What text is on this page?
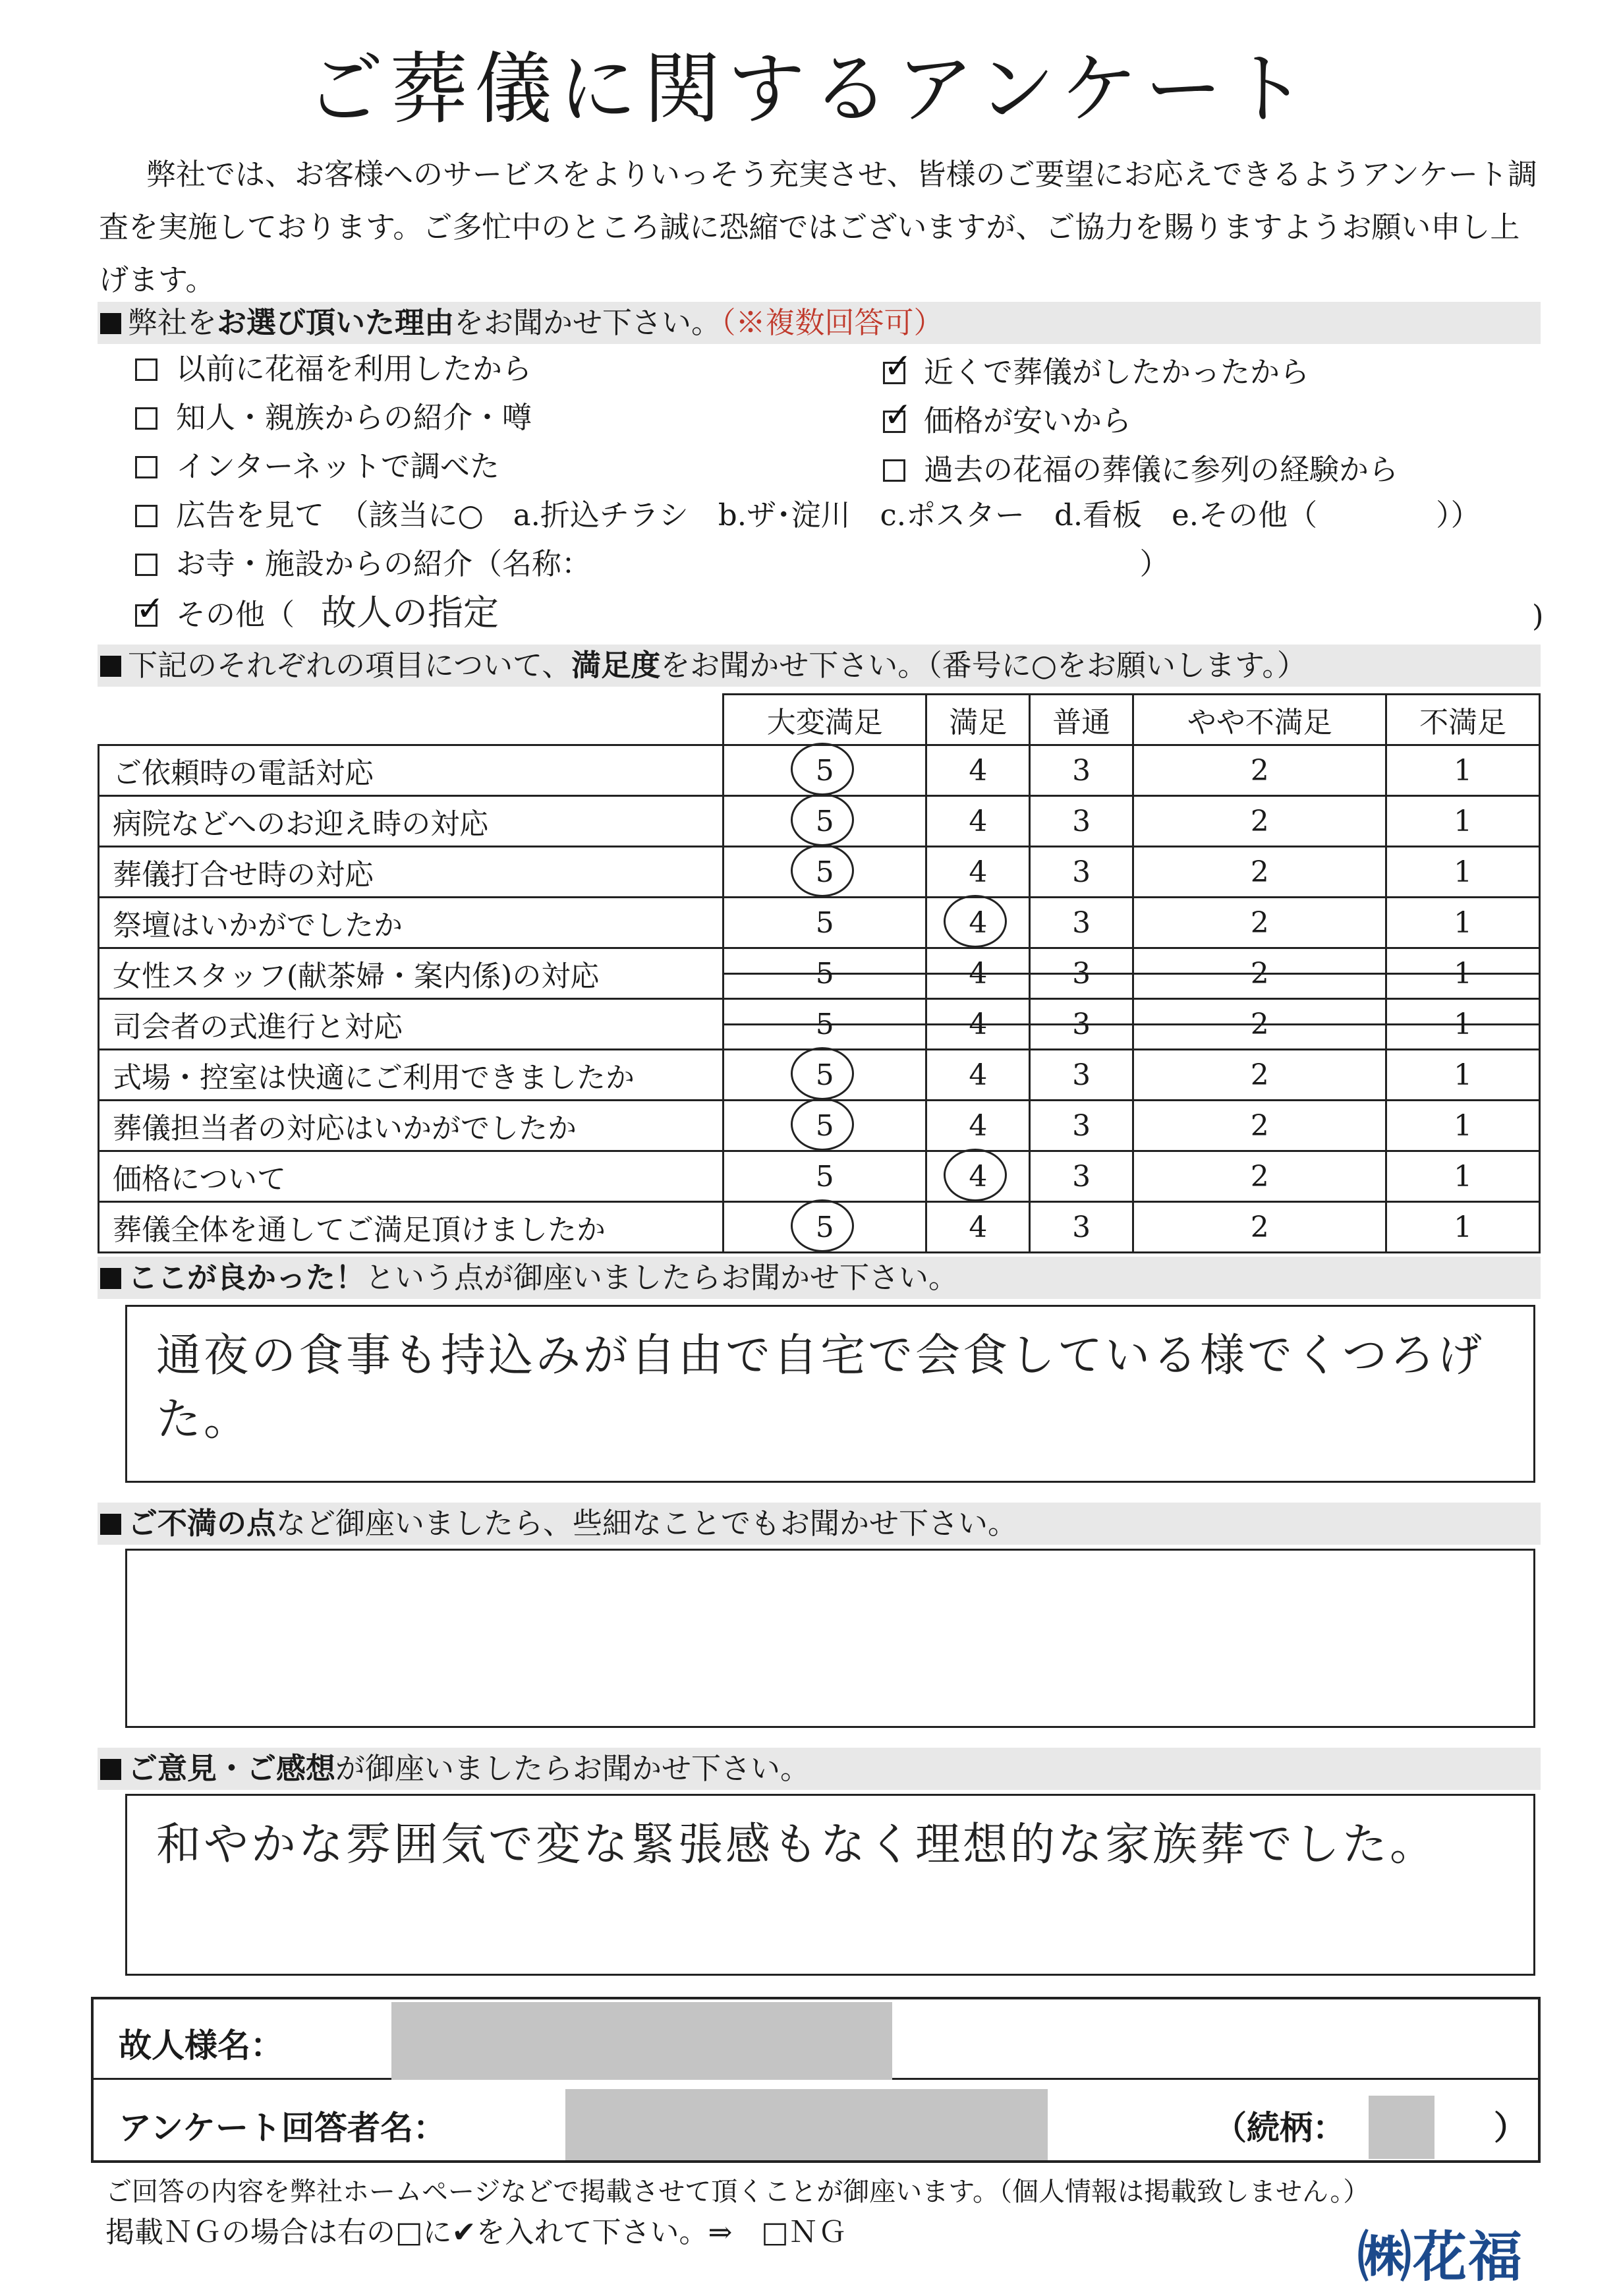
ご葬儀に関するアンケート
弊社では、お客様へのサービスをよりいっそう充実させ、皆様のご要望にお応えできるようアンケート調査を実施しております。ご多忙中のところ誠に恐縮ではございますが、ご協力を賜りますようお願い申し上げます。
弊社をお選び頂いた理由をお聞かせ下さい。（※複数回答可）
以前に花福を利用したから ✓	近くで葬儀がしたかったから
知人・親族からの紹介・噂 ✓	価格が安いから
インターネットで調べた	過去の花福の葬儀に参列の経験から
広告を見て　（該当に○　a.折込チラシ　b.ザ･淀川　c.ポスター　d.看板　e.その他（　　　　））
お寺・施設からの紹介（名称：　　　　　　　　　　　　　　　　　　　）
✓その他（ 故人の指定	)
下記のそれぞれの項目について、満足度をお聞かせ下さい。（番号に○をお願いします。）
	大変満足	満足	普通	やや不満足	不満足
ご依頼時の電話対応	5	4	3	2	1
病院などへのお迎え時の対応	5	4	3	2	1
葬儀打合せ時の対応	5	4	3	2	1
祭壇はいかがでしたか	5	4	3	2	1
女性スタッフ(献茶婦・案内係)の対応	5	4	3	2	1
司会者の式進行と対応	5	4	3	2	1
式場・控室は快適にご利用できましたか	5	4	3	2	1
葬儀担当者の対応はいかがでしたか	5	4	3	2	1
価格について	5	4	3	2	1
葬儀全体を通してご満足頂けましたか	5	4	3	2	1
ここが良かった！という点が御座いましたらお聞かせ下さい。
通夜の食事も持込みが自由で自宅で会食している様でくつろげた。
ご不満の点など御座いましたら、些細なことでもお聞かせ下さい。
ご意見・ご感想が御座いましたらお聞かせ下さい。
和やかな雰囲気で変な緊張感もなく理想的な家族葬でした。
故人様名：
アンケート回答者名：	（続柄：	）
ご回答の内容を弊社ホームページなどで掲載させて頂くことが御座います。（個人情報は掲載致しません。）
掲載ＮＧの場合は右の□に✔を入れて下さい。⇒　□ＮＧ	㈱花福
